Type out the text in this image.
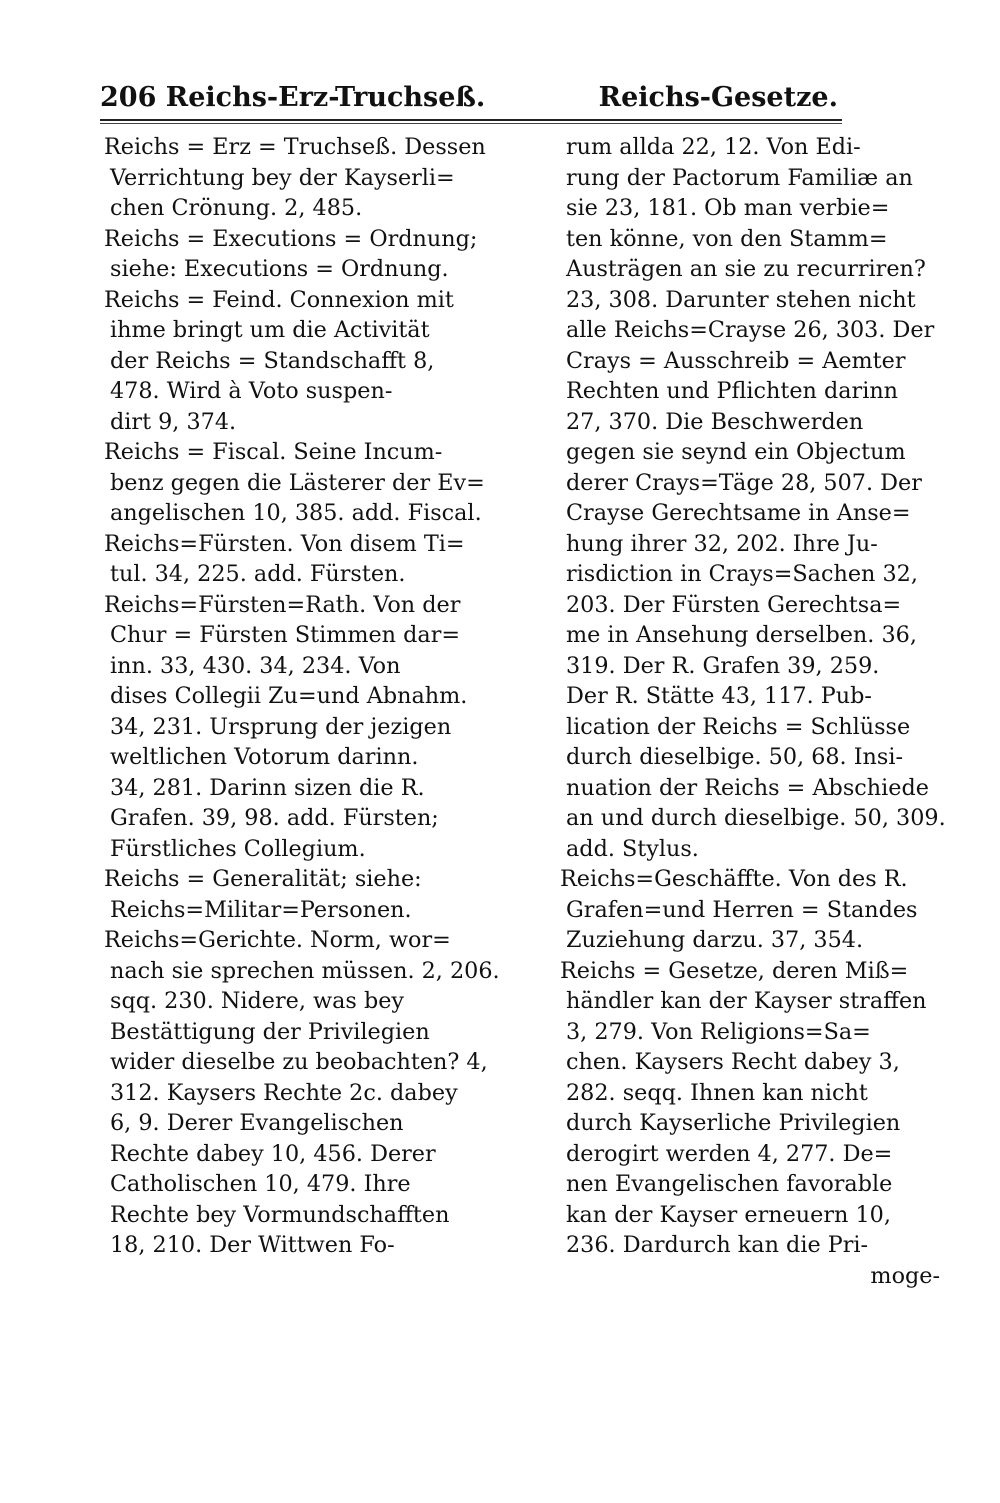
206 Reichs-Erz-Truchseß.	Reichs-Gesetze.
Reichs = Erz = Truchseß. Dessen
Verrichtung bey der Kayserli=
chen Crönung. 2, 485.
Reichs = Executions = Ordnung;
siehe: Executions = Ordnung.
Reichs = Feind. Connexion mit
ihme bringt um die Activität
der Reichs = Standschafft 8,
478. Wird à Voto suspen-
dirt 9, 374.
Reichs = Fiscal. Seine Incum-
benz gegen die Lästerer der Ev=
angelischen 10, 385. add. Fiscal.
Reichs=Fürsten. Von disem Ti=
tul. 34, 225. add. Fürsten.
Reichs=Fürsten=Rath. Von der
Chur = Fürsten Stimmen dar=
inn. 33, 430. 34, 234. Von
dises Collegii Zu=und Abnahm.
34, 231. Ursprung der jezigen
weltlichen Votorum darinn.
34, 281. Darinn sizen die R.
Grafen. 39, 98. add. Fürsten;
Fürstliches Collegium.
Reichs = Generalität; siehe:
Reichs=Militar=Personen.
Reichs=Gerichte. Norm, wor=
nach sie sprechen müssen. 2, 206.
sqq. 230. Nidere, was bey
Bestättigung der Privilegien
wider dieselbe zu beobachten? 4,
312. Kaysers Rechte 2c. dabey
6, 9. Derer Evangelischen
Rechte dabey 10, 456. Derer
Catholischen 10, 479. Ihre
Rechte bey Vormundschafften
18, 210. Der Wittwen Fo-
rum allda 22, 12. Von Edi-
rung der Pactorum Familiæ an
sie 23, 181. Ob man verbie=
ten könne, von den Stamm=
Austrägen an sie zu recurriren?
23, 308. Darunter stehen nicht
alle Reichs=Crayse 26, 303. Der
Crays = Ausschreib = Aemter
Rechten und Pflichten darinn
27, 370. Die Beschwerden
gegen sie seynd ein Objectum
derer Crays=Täge 28, 507. Der
Crayse Gerechtsame in Anse=
hung ihrer 32, 202. Ihre Ju-
risdiction in Crays=Sachen 32,
203. Der Fürsten Gerechtsa=
me in Ansehung derselben. 36,
319. Der R. Grafen 39, 259.
Der R. Stätte 43, 117. Pub-
lication der Reichs = Schlüsse
durch dieselbige. 50, 68. Insi-
nuation der Reichs = Abschiede
an und durch dieselbige. 50, 309.
add. Stylus.
Reichs=Geschäffte. Von des R.
Grafen=und Herren = Standes
Zuziehung darzu. 37, 354.
Reichs = Gesetze, deren Miß=
händler kan der Kayser straffen
3, 279. Von Religions=Sa=
chen. Kaysers Recht dabey 3,
282. seqq. Ihnen kan nicht
durch Kayserliche Privilegien
derogirt werden 4, 277. De=
nen Evangelischen favorable
kan der Kayser erneuern 10,
236. Dardurch kan die Pri-
moge-
